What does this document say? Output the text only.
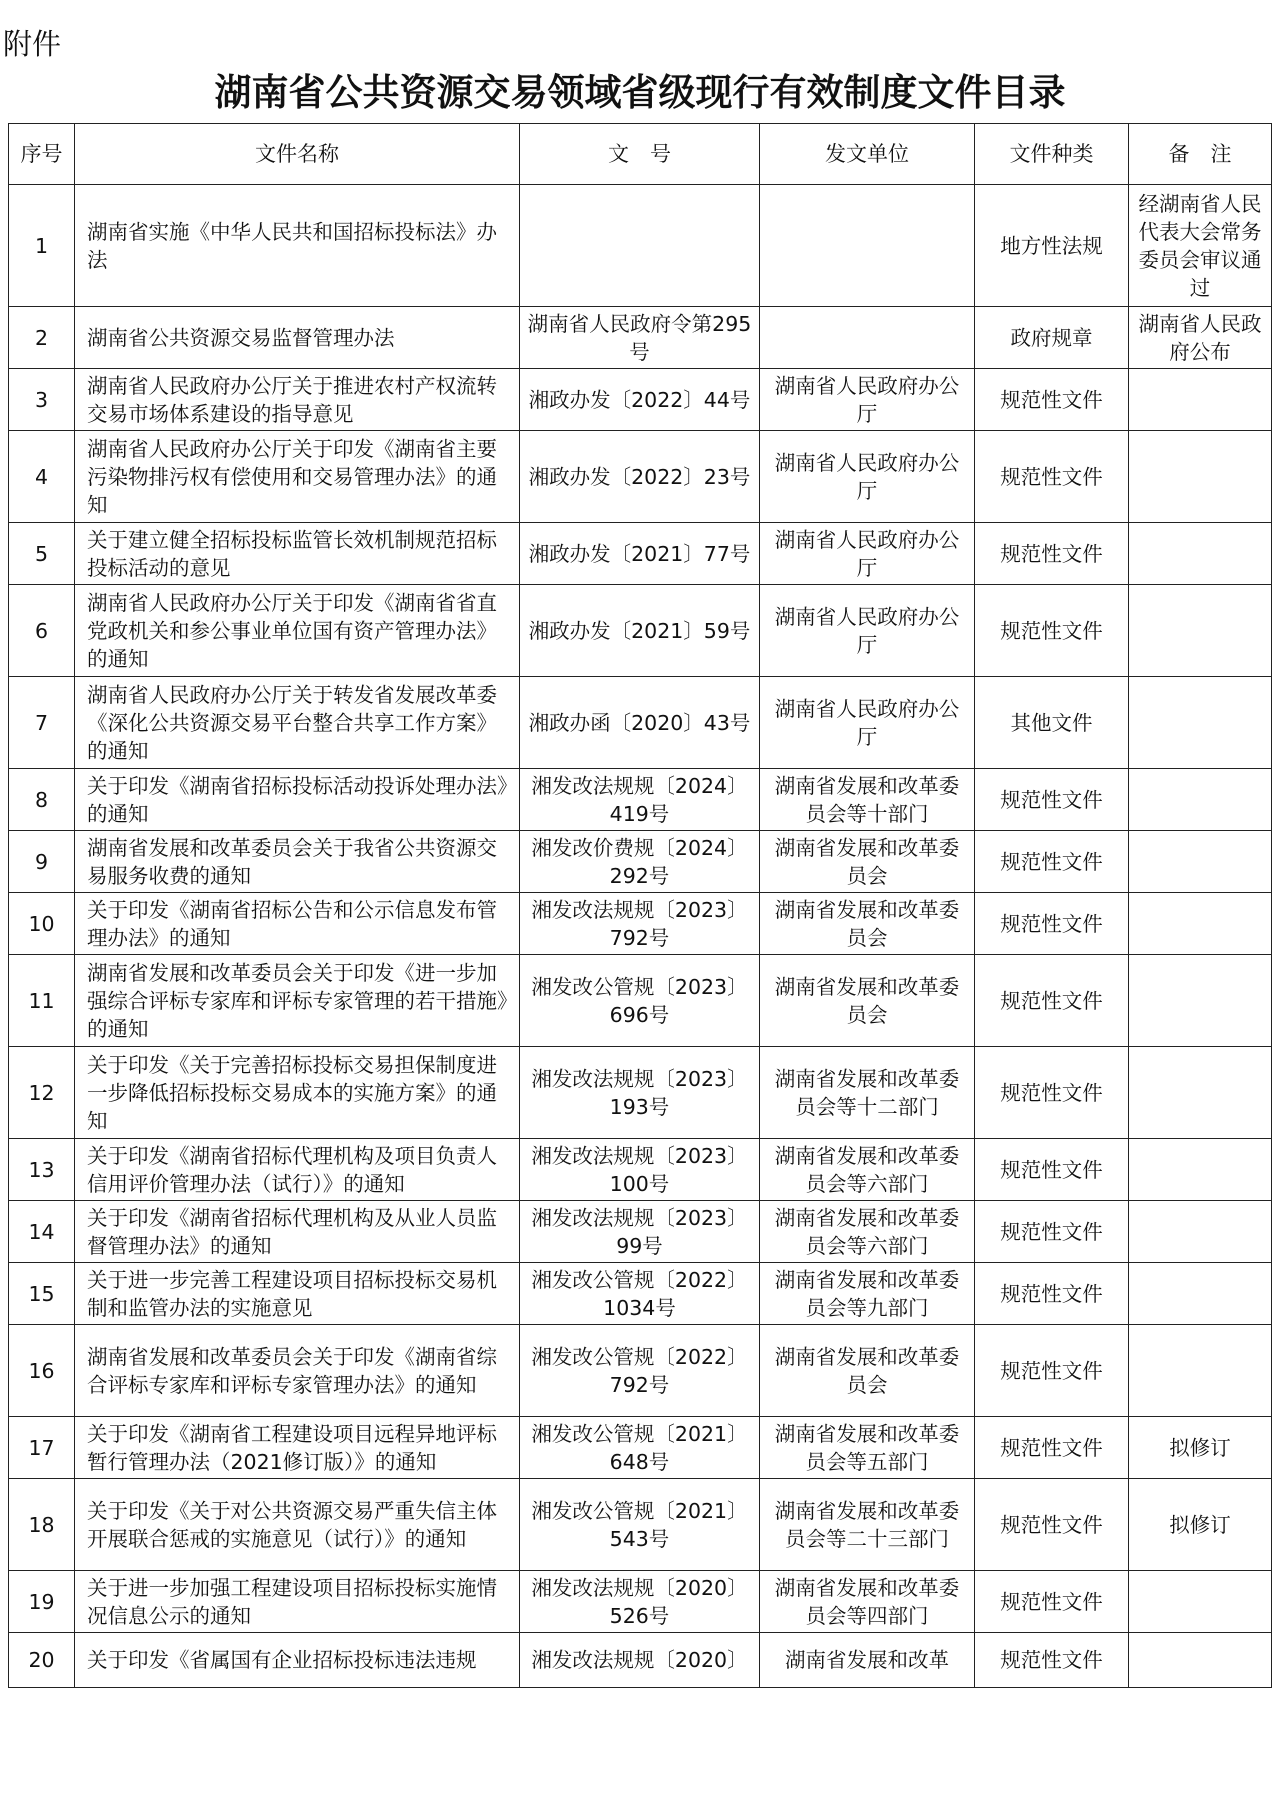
附件
湖南省公共资源交易领域省级现行有效制度文件目录
序号	文件名称	文　号	发文单位	文件种类	备　注
1	湖南省实施《中华人民共和国招标投标法》办法			地方性法规	经湖南省人民代表大会常务委员会审议通过
2	湖南省公共资源交易监督管理办法	湖南省人民政府令第295号		政府规章	湖南省人民政府公布
3	湖南省人民政府办公厅关于推进农村产权流转交易市场体系建设的指导意见	湘政办发〔2022〕44号	湖南省人民政府办公厅	规范性文件	
4	湖南省人民政府办公厅关于印发《湖南省主要污染物排污权有偿使用和交易管理办法》的通知	湘政办发〔2022〕23号	湖南省人民政府办公厅	规范性文件	
5	关于建立健全招标投标监管长效机制规范招标投标活动的意见	湘政办发〔2021〕77号	湖南省人民政府办公厅	规范性文件	
6	湖南省人民政府办公厅关于印发《湖南省省直党政机关和参公事业单位国有资产管理办法》的通知	湘政办发〔2021〕59号	湖南省人民政府办公厅	规范性文件	
7	湖南省人民政府办公厅关于转发省发展改革委《深化公共资源交易平台整合共享工作方案》的通知	湘政办函〔2020〕43号	湖南省人民政府办公厅	其他文件	
8	关于印发《湖南省招标投标活动投诉处理办法》的通知	湘发改法规规〔2024〕419号	湖南省发展和改革委员会等十部门	规范性文件	
9	湖南省发展和改革委员会关于我省公共资源交易服务收费的通知	湘发改价费规〔2024〕292号	湖南省发展和改革委员会	规范性文件	
10	关于印发《湖南省招标公告和公示信息发布管理办法》的通知	湘发改法规规〔2023〕792号	湖南省发展和改革委员会	规范性文件	
11	湖南省发展和改革委员会关于印发《进一步加强综合评标专家库和评标专家管理的若干措施》的通知	湘发改公管规〔2023〕696号	湖南省发展和改革委员会	规范性文件	
12	关于印发《关于完善招标投标交易担保制度进一步降低招标投标交易成本的实施方案》的通知	湘发改法规规〔2023〕193号	湖南省发展和改革委员会等十二部门	规范性文件	
13	关于印发《湖南省招标代理机构及项目负责人信用评价管理办法（试行）》的通知	湘发改法规规〔2023〕100号	湖南省发展和改革委员会等六部门	规范性文件	
14	关于印发《湖南省招标代理机构及从业人员监督管理办法》的通知	湘发改法规规〔2023〕99号	湖南省发展和改革委员会等六部门	规范性文件	
15	关于进一步完善工程建设项目招标投标交易机制和监管办法的实施意见	湘发改公管规〔2022〕1034号	湖南省发展和改革委员会等九部门	规范性文件	
16	湖南省发展和改革委员会关于印发《湖南省综合评标专家库和评标专家管理办法》的通知	湘发改公管规〔2022〕792号	湖南省发展和改革委员会	规范性文件	
17	关于印发《湖南省工程建设项目远程异地评标暂行管理办法（2021修订版）》的通知	湘发改公管规〔2021〕648号	湖南省发展和改革委员会等五部门	规范性文件	拟修订
18	关于印发《关于对公共资源交易严重失信主体开展联合惩戒的实施意见（试行）》的通知	湘发改公管规〔2021〕543号	湖南省发展和改革委员会等二十三部门	规范性文件	拟修订
19	关于进一步加强工程建设项目招标投标实施情况信息公示的通知	湘发改法规规〔2020〕526号	湖南省发展和改革委员会等四部门	规范性文件	
20	关于印发《省属国有企业招标投标违法违规	湘发改法规规〔2020〕	湖南省发展和改革	规范性文件	
